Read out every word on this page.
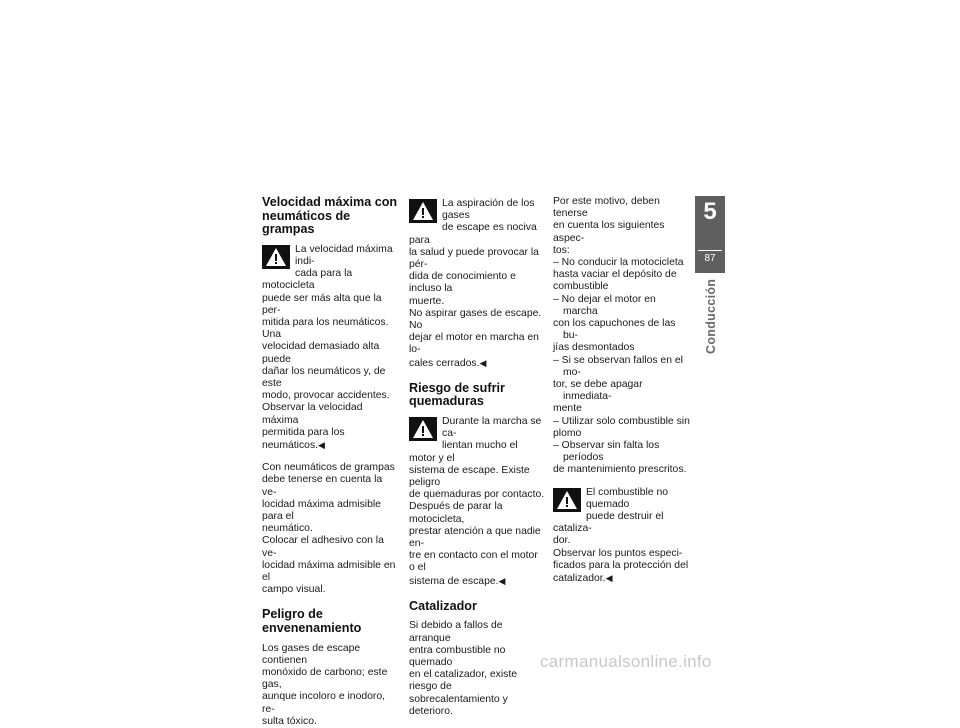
Velocidad máxima con neumáticos de grampas

La velocidad máxima indi-

cada para la motocicleta

puede ser más alta que la per-

mitida para los neumáticos. Una

velocidad demasiado alta puede

dañar los neumáticos y, de este

modo, provocar accidentes.

Observar la velocidad máxima

permitida para los neumáticos.◀

Con neumáticos de grampas

debe tenerse en cuenta la ve-

locidad máxima admisible para el

neumático.

Colocar el adhesivo con la ve-

locidad máxima admisible en el

campo visual.

Peligro de envenenamiento

Los gases de escape contienen

monóxido de carbono; este gas,

aunque incoloro e inodoro, re-

sulta tóxico.

La aspiración de los gases

de escape es nociva para

la salud y puede provocar la pér-

dida de conocimiento e incluso la

muerte.

No aspirar gases de escape. No

dejar el motor en marcha en lo-

cales cerrados.◀

Riesgo de sufrir quemaduras

Durante la marcha se ca-

lientan mucho el motor y el

sistema de escape. Existe peligro

de quemaduras por contacto.

Después de parar la motocicleta,

prestar atención a que nadie en-

tre en contacto con el motor o el

sistema de escape.◀

Catalizador

Si debido a fallos de arranque

entra combustible no quemado

en el catalizador, existe riesgo de

sobrecalentamiento y deterioro.

Por este motivo, deben tenerse

en cuenta los siguientes aspec-

tos:

– No conducir la motocicleta

hasta vaciar el depósito de

combustible

– No dejar el motor en marcha

con los capuchones de las bu-

jías desmontados

– Si se observan fallos en el mo-

tor, se debe apagar inmediata-

mente

– Utilizar solo combustible sin

plomo

– Observar sin falta los períodos

de mantenimiento prescritos.

El combustible no quemado

puede destruir el cataliza-

dor.

Observar los puntos especi-

ficados para la protección del

catalizador.◀

5
87
Conducción
carmanualsonline.info
